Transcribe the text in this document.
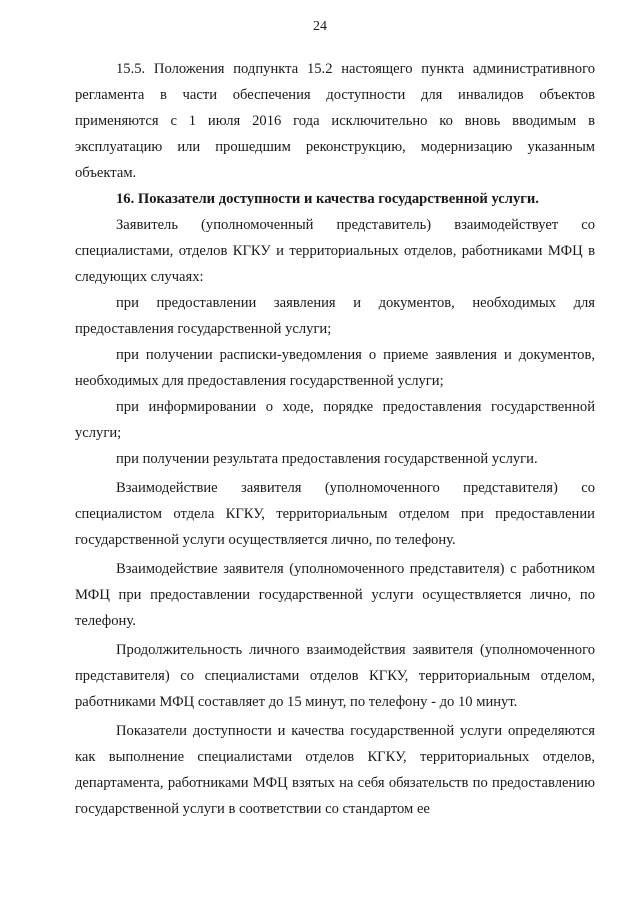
24

15.5. Положения подпункта 15.2 настоящего пункта административного регламента в части обеспечения доступности для инвалидов объектов применяются с 1 июля 2016 года исключительно ко вновь вводимым в эксплуатацию или прошедшим реконструкцию, модернизацию указанным объектам.

16. Показатели доступности и качества государственной услуги.

Заявитель (уполномоченный представитель) взаимодействует со специалистами, отделов КГКУ и территориальных отделов, работниками МФЦ в следующих случаях:

при предоставлении заявления и документов, необходимых для предоставления государственной услуги;

при получении расписки-уведомления о приеме заявления и документов, необходимых для предоставления государственной услуги;

при информировании о ходе, порядке предоставления государственной услуги;

при получении результата предоставления государственной услуги.

Взаимодействие заявителя (уполномоченного представителя) со специалистом отдела КГКУ, территориальным отделом при предоставлении государственной услуги осуществляется лично, по телефону.

Взаимодействие заявителя (уполномоченного представителя) с работником МФЦ при предоставлении государственной услуги осуществляется лично, по телефону.

Продолжительность личного взаимодействия заявителя (уполномоченного представителя) со специалистами отделов КГКУ, территориальным отделом, работниками МФЦ составляет до 15 минут, по телефону - до 10 минут.

Показатели доступности и качества государственной услуги определяются как выполнение специалистами отделов КГКУ, территориальных отделов, департамента, работниками МФЦ взятых на себя обязательств по предоставлению государственной услуги в соответствии со стандартом ее
